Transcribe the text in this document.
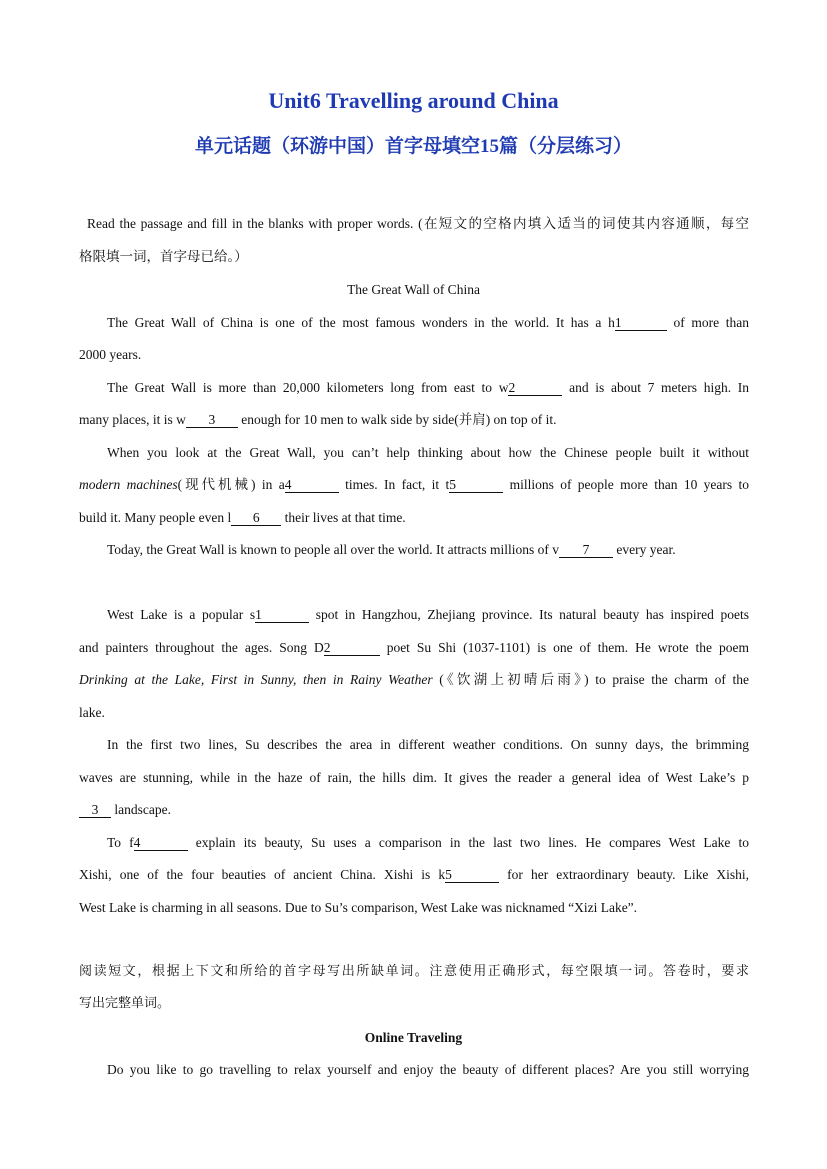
Unit6 Travelling around China
单元话题（环游中国）首字母填空15篇（分层练习）
Read the passage and fill in the blanks with proper words. (在短文的空格内填入适当的词使其内容通顺，每空
格限填一词，首字母已给。）
The Great Wall of China
The Great Wall of China is one of the most famous wonders in the world. It has a h1	of more than
2000 years.
The Great Wall is more than 20,000 kilometers long from east to w2	and is about 7 meters high. In
many places, it is w 3 enough for 10 men to walk side by side(并肩) on top of it.
When you look at the Great Wall, you can’t help thinking about how the Chinese people built it without
modern machines(现代机械) in a4	times. In fact, it t5	millions of people more than 10 years to
build it. Many people even l 6 their lives at that time.
Today, the Great Wall is known to people all over the world. It attracts millions of v 7 every year.
West Lake is a popular s1	spot in Hangzhou, Zhejiang province. Its natural beauty has inspired poets
and painters throughout the ages. Song D2	poet Su Shi (1037-1101) is one of them. He wrote the poem
Drinking at the Lake, First in Sunny, then in Rainy Weather (《饮湖上初晴后雨》) to praise the charm of the
lake.
In the first two lines, Su describes the area in different weather conditions. On sunny days, the brimming
waves are stunning, while in the haze of rain, the hills dim. It gives the reader a general idea of West Lake’s p
3 landscape.
To f4	explain its beauty, Su uses a comparison in the last two lines. He compares West Lake to
Xishi, one of the four beauties of ancient China. Xishi is k5	for her extraordinary beauty. Like Xishi,
West Lake is charming in all seasons. Due to Su’s comparison, West Lake was nicknamed “Xizi Lake”.
阅读短文，根据上下文和所给的首字母写出所缺单词。注意使用正确形式，每空限填一词。答卷时，要求
写出完整单词。
Online Traveling
Do you like to go travelling to relax yourself and enjoy the beauty of different places? Are you still worrying
